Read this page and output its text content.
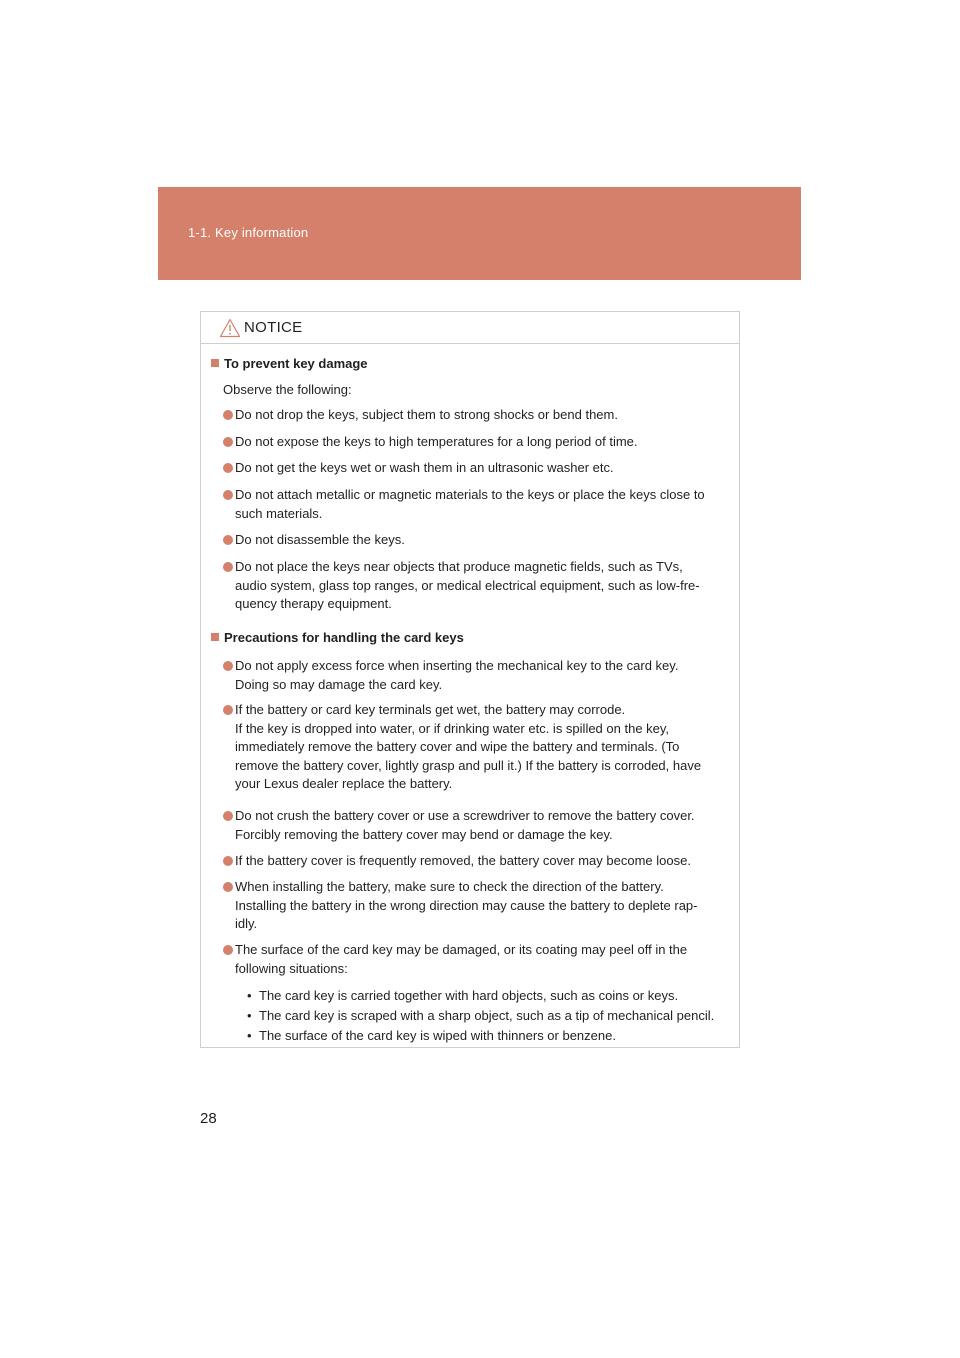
1-1. Key information
NOTICE
To prevent key damage
Observe the following:
Do not drop the keys, subject them to strong shocks or bend them.
Do not expose the keys to high temperatures for a long period of time.
Do not get the keys wet or wash them in an ultrasonic washer etc.
Do not attach metallic or magnetic materials to the keys or place the keys close to
such materials.
Do not disassemble the keys.
Do not place the keys near objects that produce magnetic fields, such as TVs,
audio system, glass top ranges, or medical electrical equipment, such as low-fre-
quency therapy equipment.
Precautions for handling the card keys
Do not apply excess force when inserting the mechanical key to the card key.
Doing so may damage the card key.
If the battery or card key terminals get wet, the battery may corrode.
If the key is dropped into water, or if drinking water etc. is spilled on the key,
immediately remove the battery cover and wipe the battery and terminals. (To
remove the battery cover, lightly grasp and pull it.) If the battery is corroded, have
your Lexus dealer replace the battery.
Do not crush the battery cover or use a screwdriver to remove the battery cover.
Forcibly removing the battery cover may bend or damage the key.
If the battery cover is frequently removed, the battery cover may become loose.
When installing the battery, make sure to check the direction of the battery.
Installing the battery in the wrong direction may cause the battery to deplete rap-
idly.
The surface of the card key may be damaged, or its coating may peel off in the
following situations:
• The card key is carried together with hard objects, such as coins or keys.
• The card key is scraped with a sharp object, such as a tip of mechanical pencil.
• The surface of the card key is wiped with thinners or benzene.
28
